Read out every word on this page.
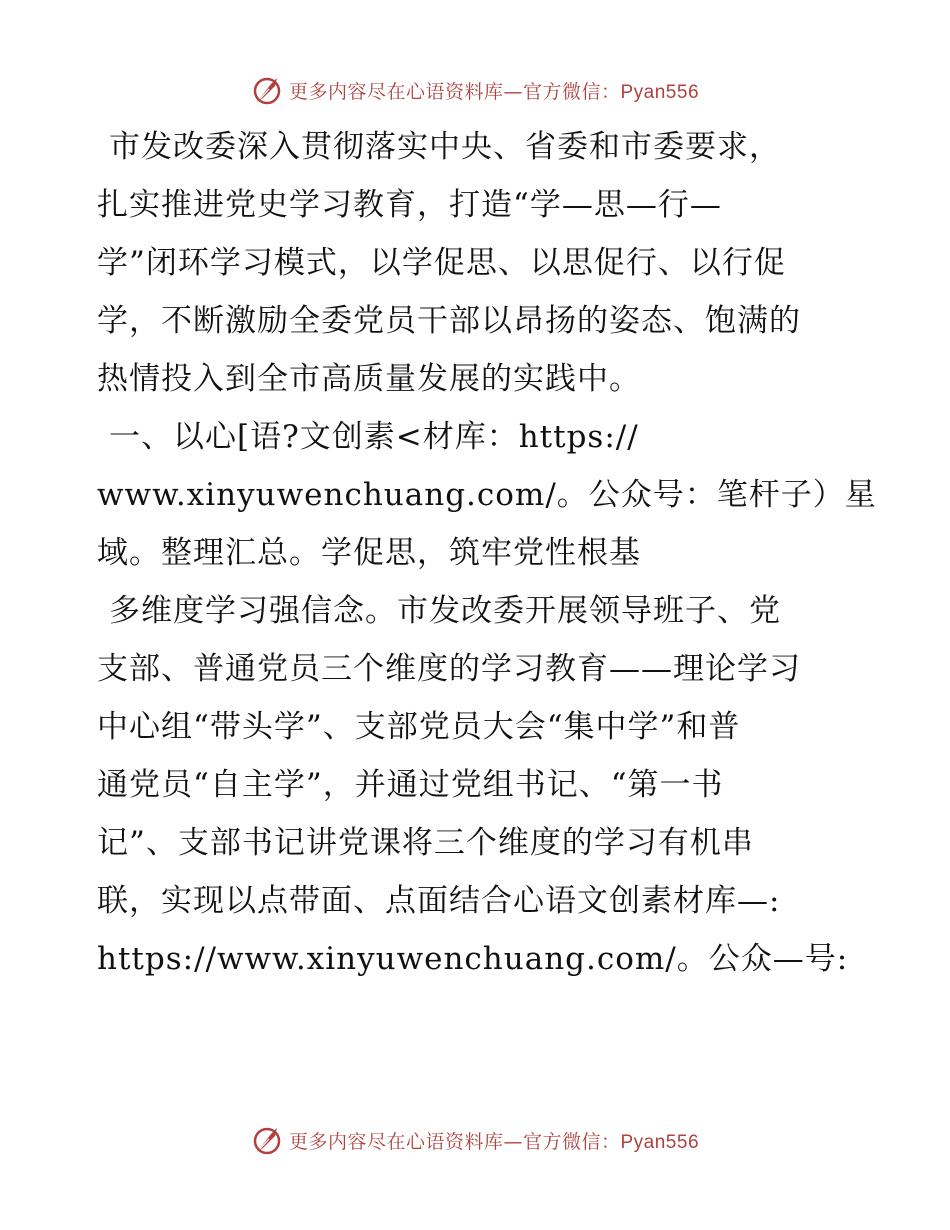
更多内容尽在心语资料库—官方微信：Pyan556

市发改委深入贯彻落实中央、省委和市委要求，
扎实推进党史学习教育，打造“学—思—行—
学”闭环学习模式，以学促思、以思促行、以行促
学，不断激励全委党员干部以昂扬的姿态、饱满的
热情投入到全市高质量发展的实践中。

一、以心[语?文创素<材库：https://
www.xinyuwenchuang.com/。公众号：笔杆子）星
域。整理汇总。学促思，筑牢党性根基

多维度学习强信念。市发改委开展领导班子、党
支部、普通党员三个维度的学习教育——理论学习
中心组“带头学”、支部党员大会“集中学”和普
通党员“自主学”，并通过党组书记、“第一书
记”、支部书记讲党课将三个维度的学习有机串
联，实现以点带面、点面结合心语文创素材库—:
https://www.xinyuwenchuang.com/。公众—号:

更多内容尽在心语资料库—官方微信：Pyan556
